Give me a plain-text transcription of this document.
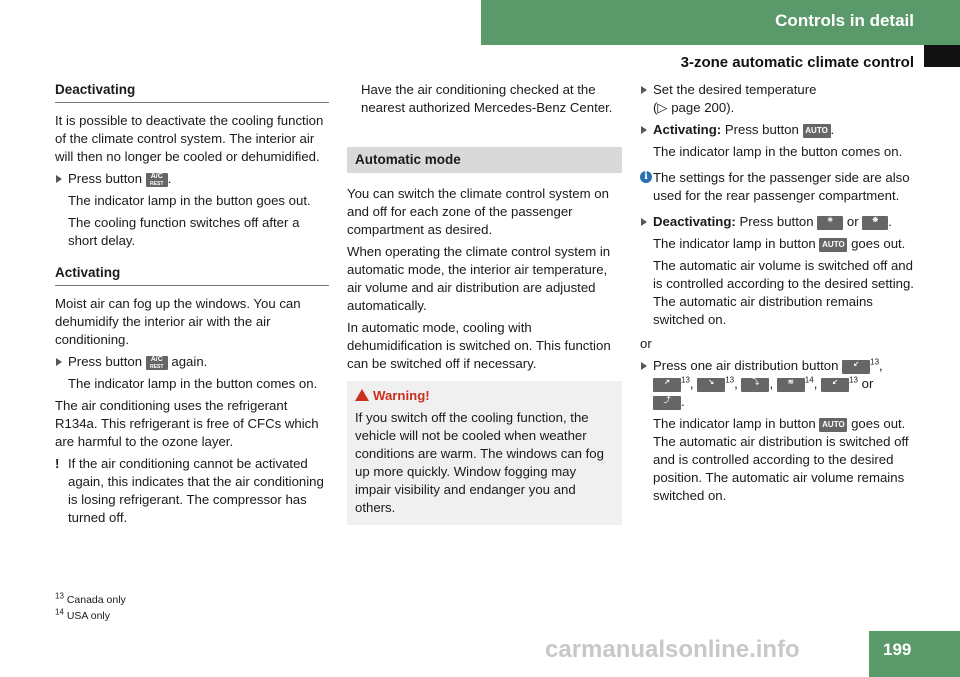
Controls in detail
3-zone automatic climate control
Deactivating

It is possible to deactivate the cooling function of the climate control system. The interior air will then no longer be cooled or dehumidified.

Press button A/C
REST .

The indicator lamp in the button goes out.

The cooling function switches off after a short delay.

Activating

Moist air can fog up the windows. You can dehumidify the interior air with the air conditioning.

Press button A/C
REST again.

The indicator lamp in the button comes on.

The air conditioning uses the refrigerant R134a. This refrigerant is free of CFCs which are harmful to the ozone layer.

! If the air conditioning cannot be activated again, this indicates that the air conditioning is losing refrigerant. The compressor has turned off.

Have the air conditioning checked at the nearest authorized Mercedes-Benz Center.

Automatic mode

You can switch the climate control system on and off for each zone of the passenger compartment as desired.

When operating the climate control system in automatic mode, the interior air temperature, air volume and air distribution are adjusted automatically.

In automatic mode, cooling with dehumidification is switched on. This function can be switched off if necessary.

Warning!
If you switch off the cooling function, the vehicle will not be cooled when weather conditions are warm. The windows can fog up more quickly. Window fogging may impair visibility and endanger you and others.
Set the desired temperature
(▷ page 200).
Activating: Press button AUTO .

The indicator lamp in the button comes on.

i The settings for the passenger side are also used for the rear passenger compartment.
Deactivating: Press button ✳ or ❋ .

The indicator lamp in button AUTO goes out.

The automatic air volume is switched off and is controlled according to the desired setting. The automatic air distribution remains switched on.

or

Press one air distribution button ↙ $^{13}$,
↗ $^{13}$, ↘ $^{13}$, ⤵ , ≋ $^{14}$, ↙ $^{13}$ or
⤴ .

The indicator lamp in button AUTO goes out. The automatic air distribution is switched off and is controlled according to the desired position. The automatic air volume remains switched on.

$^{13}$ Canada only
$^{14}$ USA only
carmanualsonline.info	199
